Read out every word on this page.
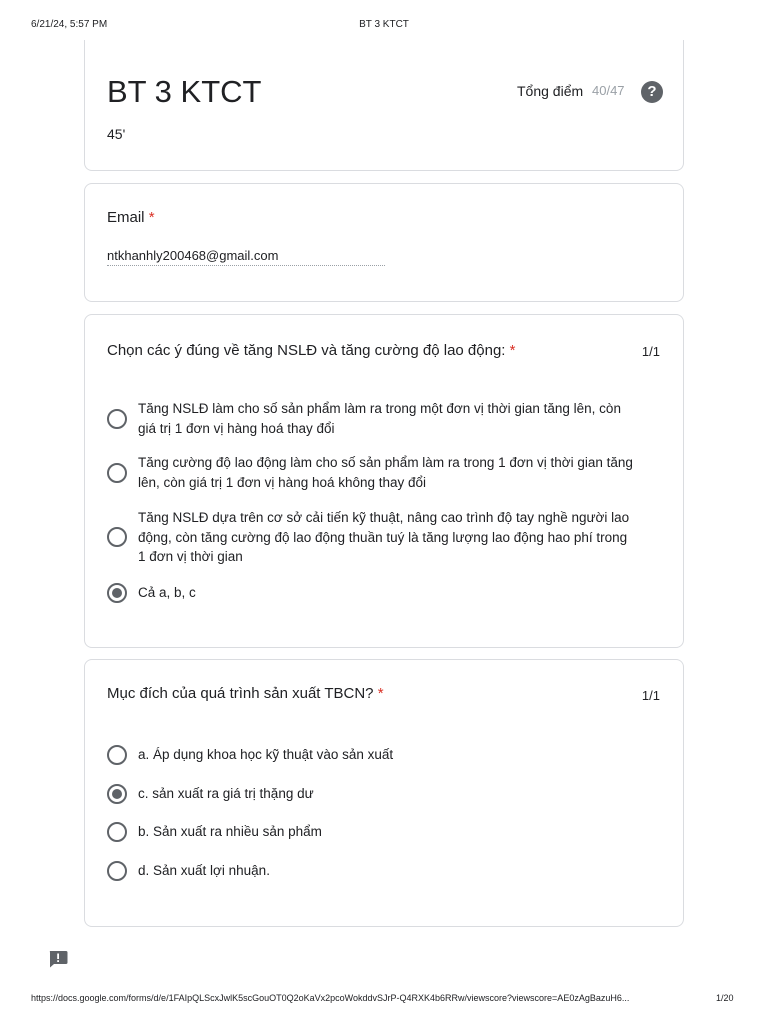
6/21/24, 5:57 PM	BT 3 KTCT
BT 3 KTCT
45'
Tổng điểm 40/47	?
Email *
ntkhanhly200468@gmail.com
Chọn các ý đúng về tăng NSLĐ và tăng cường độ lao động: *	1/1
Tăng NSLĐ làm cho số sản phẩm làm ra trong một đơn vị thời gian tăng lên, còn giá trị 1 đơn vị hàng hoá thay đổi
Tăng cường độ lao động làm cho số sản phẩm làm ra trong 1 đơn vị thời gian tăng lên, còn giá trị 1 đơn vị hàng hoá không thay đổi
Tăng NSLĐ dựa trên cơ sở cải tiến kỹ thuật, nâng cao trình độ tay nghề người lao động, còn tăng cường độ lao động thuần tuý là tăng lượng lao động hao phí trong 1 đơn vị thời gian
Cả a, b, c
Mục đích của quá trình sản xuất TBCN? *	1/1
a. Áp dụng khoa học kỹ thuật vào sản xuất
c. sản xuất ra giá trị thặng dư
b. Sản xuất ra nhiều sản phẩm
d. Sản xuất lợi nhuận.
https://docs.google.com/forms/d/e/1FAIpQLScxJwlK5scGouOT0Q2oKaVx2pcoWokddvSJrP-Q4RXK4b6RRw/viewscore?viewscore=AE0zAgBazuH6...	1/20
